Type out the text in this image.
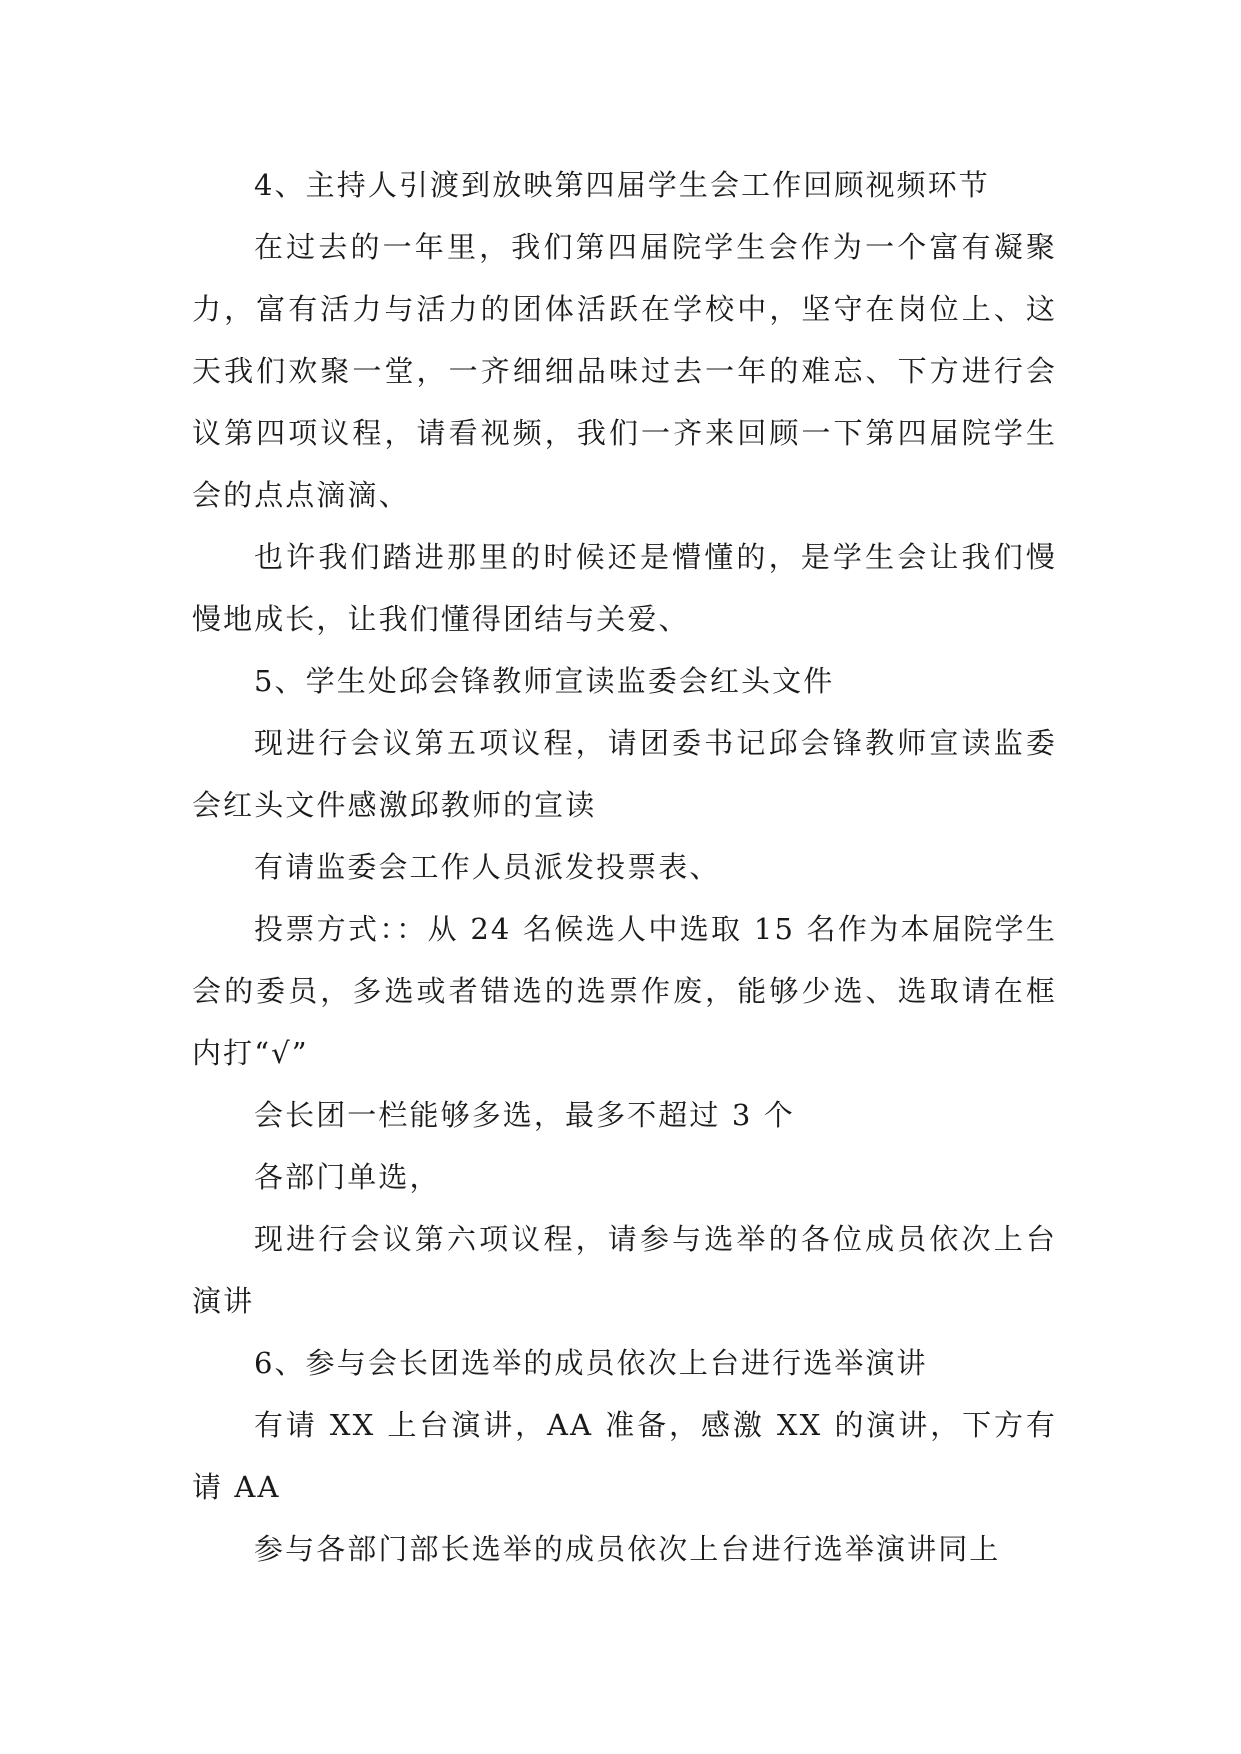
4、主持人引渡到放映第四届学生会工作回顾视频环节

在过去的一年里，我们第四届院学生会作为一个富有凝聚力，富有活力与活力的团体活跃在学校中，坚守在岗位上、这天我们欢聚一堂，一齐细细品味过去一年的难忘、下方进行会议第四项议程，请看视频，我们一齐来回顾一下第四届院学生会的点点滴滴、

也许我们踏进那里的时候还是懵懂的，是学生会让我们慢慢地成长，让我们懂得团结与关爱、

5、学生处邱会锋教师宣读监委会红头文件

现进行会议第五项议程，请团委书记邱会锋教师宣读监委会红头文件感激邱教师的宣读

有请监委会工作人员派发投票表、

投票方式：：从 24 名候选人中选取 15 名作为本届院学生会的委员，多选或者错选的选票作废，能够少选、选取请在框内打“√”

会长团一栏能够多选，最多不超过 3 个

各部门单选，

现进行会议第六项议程，请参与选举的各位成员依次上台演讲

6、参与会长团选举的成员依次上台进行选举演讲

有请 XX 上台演讲，AA 准备，感激 XX 的演讲，下方有请 AA

参与各部门部长选举的成员依次上台进行选举演讲同上
